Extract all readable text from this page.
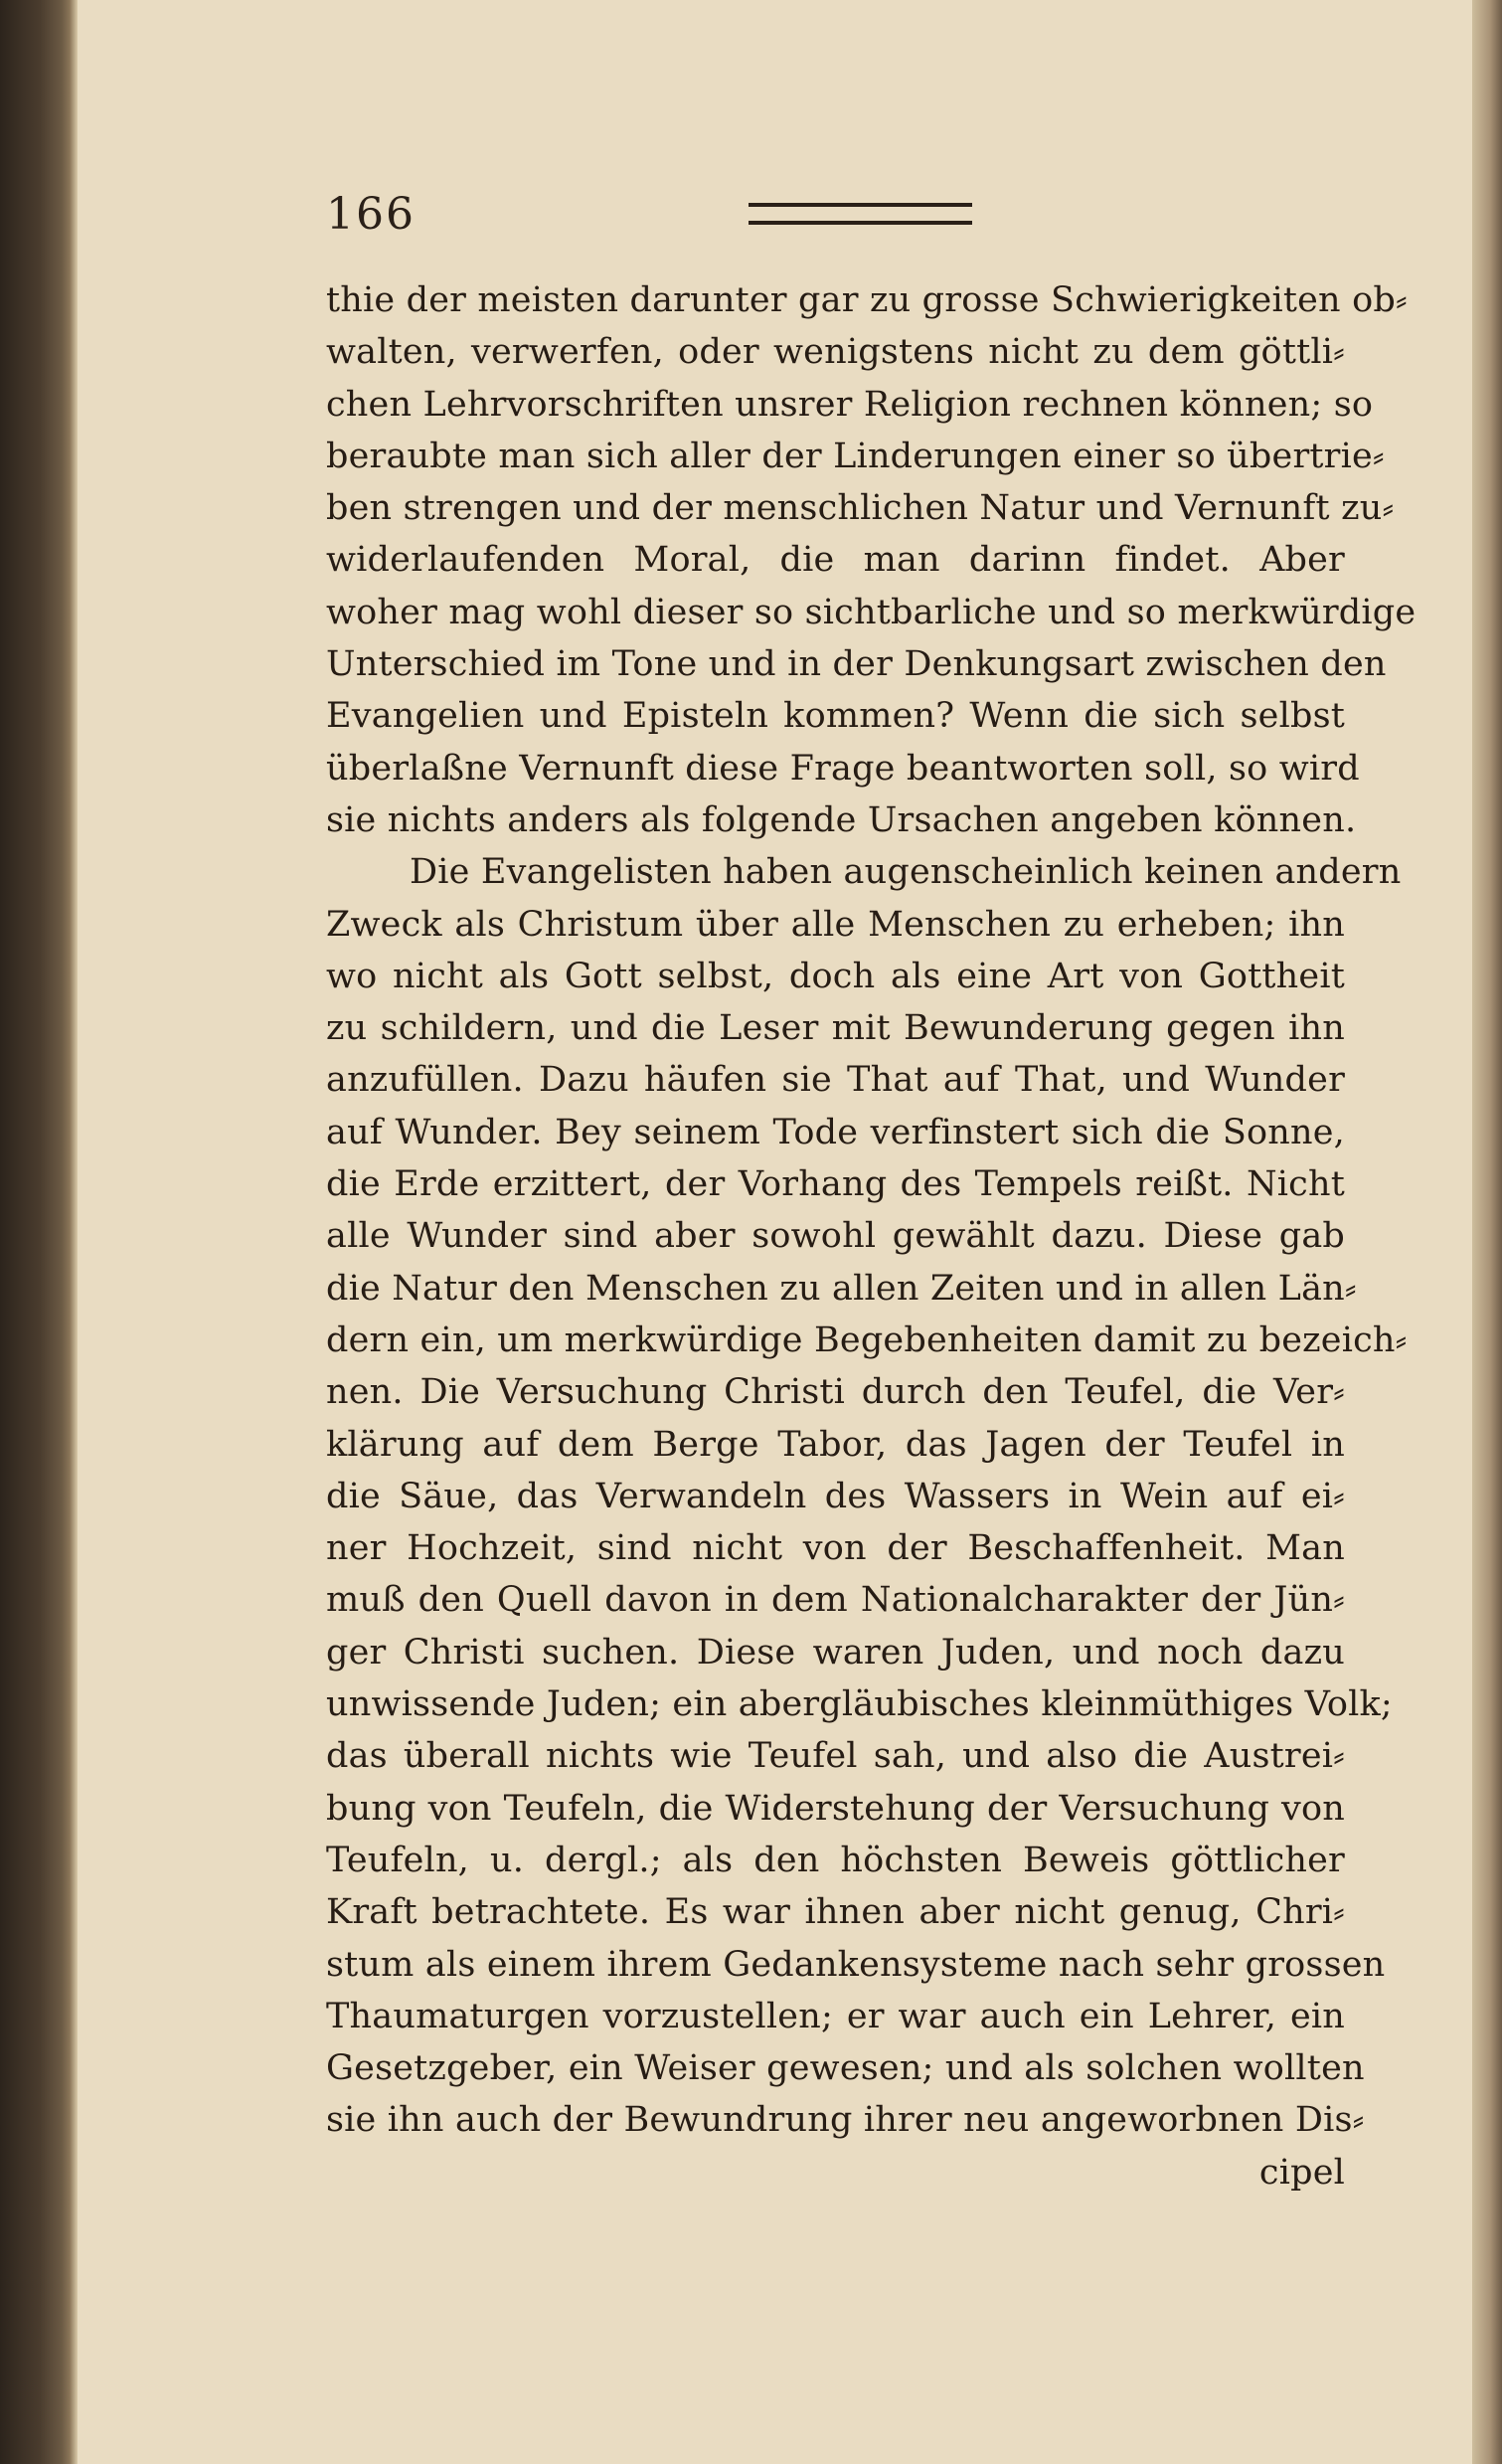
166
thie der meisten darunter gar zu grosse Schwierigkeiten ob⸗
walten, verwerfen, oder wenigstens nicht zu dem göttli⸗
chen Lehrvorschriften unsrer Religion rechnen können; so
beraubte man sich aller der Linderungen einer so übertrie⸗
ben strengen und der menschlichen Natur und Vernunft zu⸗
widerlaufenden Moral, die man darinn findet. Aber
woher mag wohl dieser so sichtbarliche und so merkwürdige
Unterschied im Tone und in der Denkungsart zwischen den
Evangelien und Episteln kommen? Wenn die sich selbst
überlaßne Vernunft diese Frage beantworten soll, so wird
sie nichts anders als folgende Ursachen angeben können.
Die Evangelisten haben augenscheinlich keinen andern
Zweck als Christum über alle Menschen zu erheben; ihn
wo nicht als Gott selbst, doch als eine Art von Gottheit
zu schildern, und die Leser mit Bewunderung gegen ihn
anzufüllen. Dazu häufen sie That auf That, und Wunder
auf Wunder. Bey seinem Tode verfinstert sich die Sonne,
die Erde erzittert, der Vorhang des Tempels reißt. Nicht
alle Wunder sind aber sowohl gewählt dazu. Diese gab
die Natur den Menschen zu allen Zeiten und in allen Län⸗
dern ein, um merkwürdige Begebenheiten damit zu bezeich⸗
nen. Die Versuchung Christi durch den Teufel, die Ver⸗
klärung auf dem Berge Tabor, das Jagen der Teufel in
die Säue, das Verwandeln des Wassers in Wein auf ei⸗
ner Hochzeit, sind nicht von der Beschaffenheit. Man
muß den Quell davon in dem Nationalcharakter der Jün⸗
ger Christi suchen. Diese waren Juden, und noch dazu
unwissende Juden; ein abergläubisches kleinmüthiges Volk;
das überall nichts wie Teufel sah, und also die Austrei⸗
bung von Teufeln, die Widerstehung der Versuchung von
Teufeln, u. dergl.; als den höchsten Beweis göttlicher
Kraft betrachtete. Es war ihnen aber nicht genug, Chri⸗
stum als einem ihrem Gedankensysteme nach sehr grossen
Thaumaturgen vorzustellen; er war auch ein Lehrer, ein
Gesetzgeber, ein Weiser gewesen; und als solchen wollten
sie ihn auch der Bewundrung ihrer neu angeworbnen Dis⸗
cipel
